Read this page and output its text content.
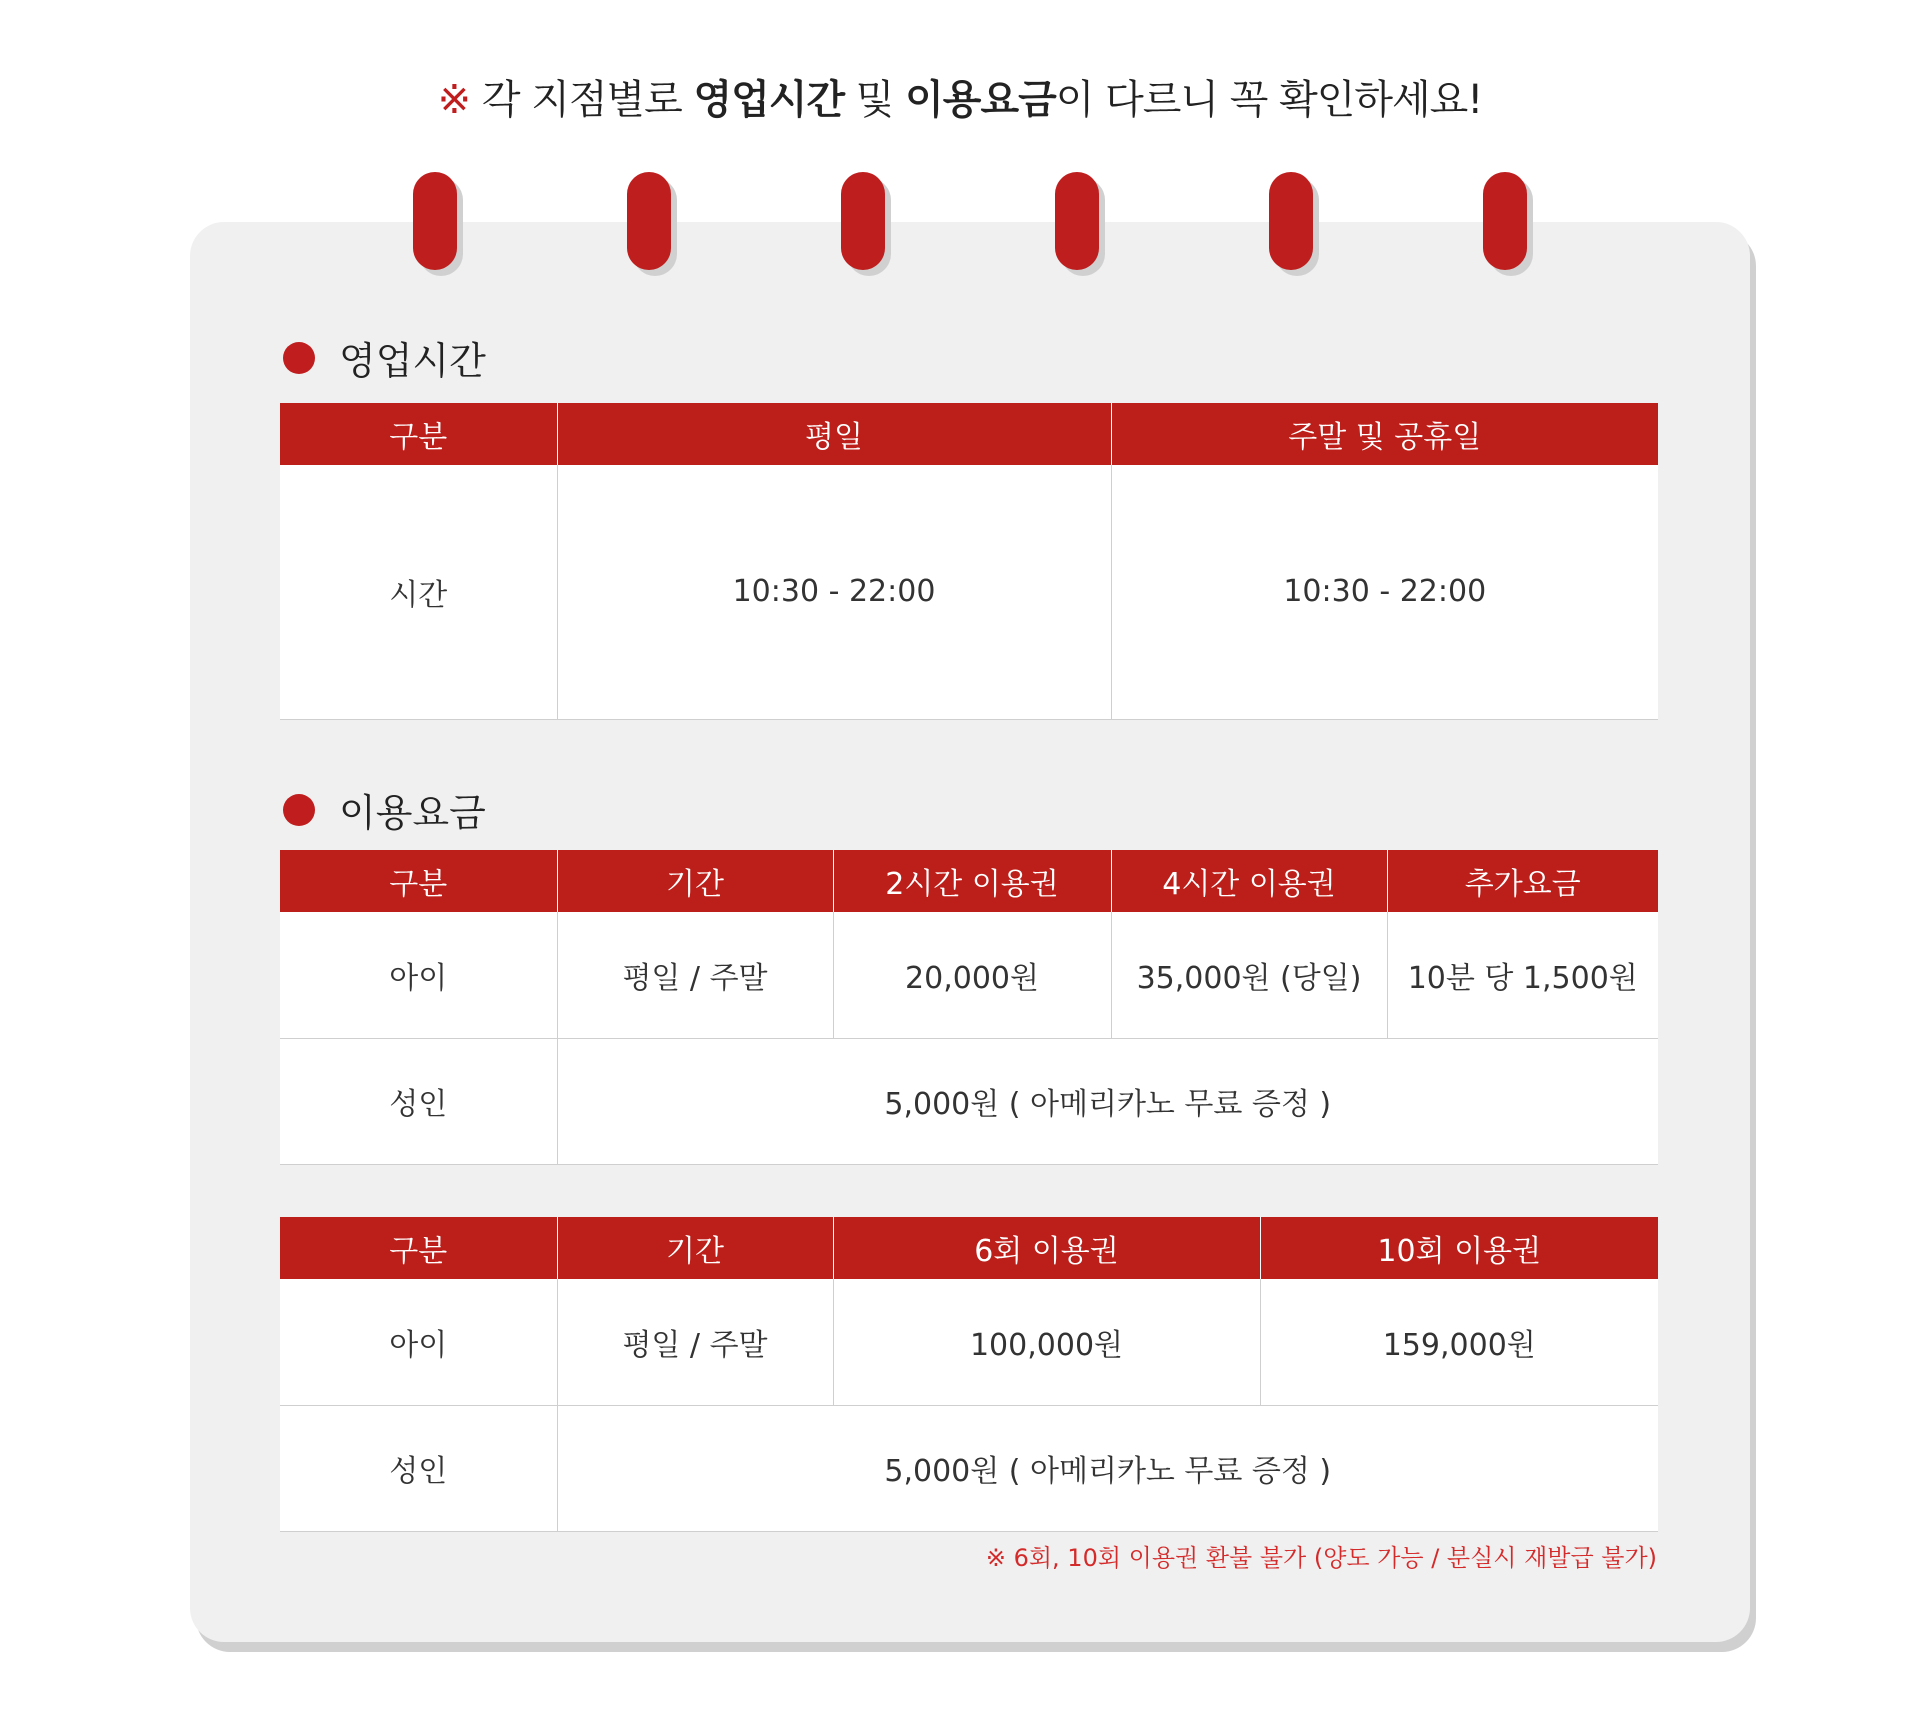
※ 각 지점별로 영업시간 및 이용요금이 다르니 꼭 확인하세요!
영업시간
구분	평일	주말 및 공휴일
시간	10:30 - 22:00	10:30 - 22:00
이용요금
구분	기간	2시간 이용권	4시간 이용권	추가요금
아이	평일 / 주말	20,000원	35,000원 (당일)	10분 당 1,500원
성인	5,000원 ( 아메리카노 무료 증정 )			
구분	기간	6회 이용권	10회 이용권
아이	평일 / 주말	100,000원	159,000원
성인	5,000원 ( 아메리카노 무료 증정 )		
※ 6회, 10회 이용권 환불 불가 (양도 가능 / 분실시 재발급 불가)
